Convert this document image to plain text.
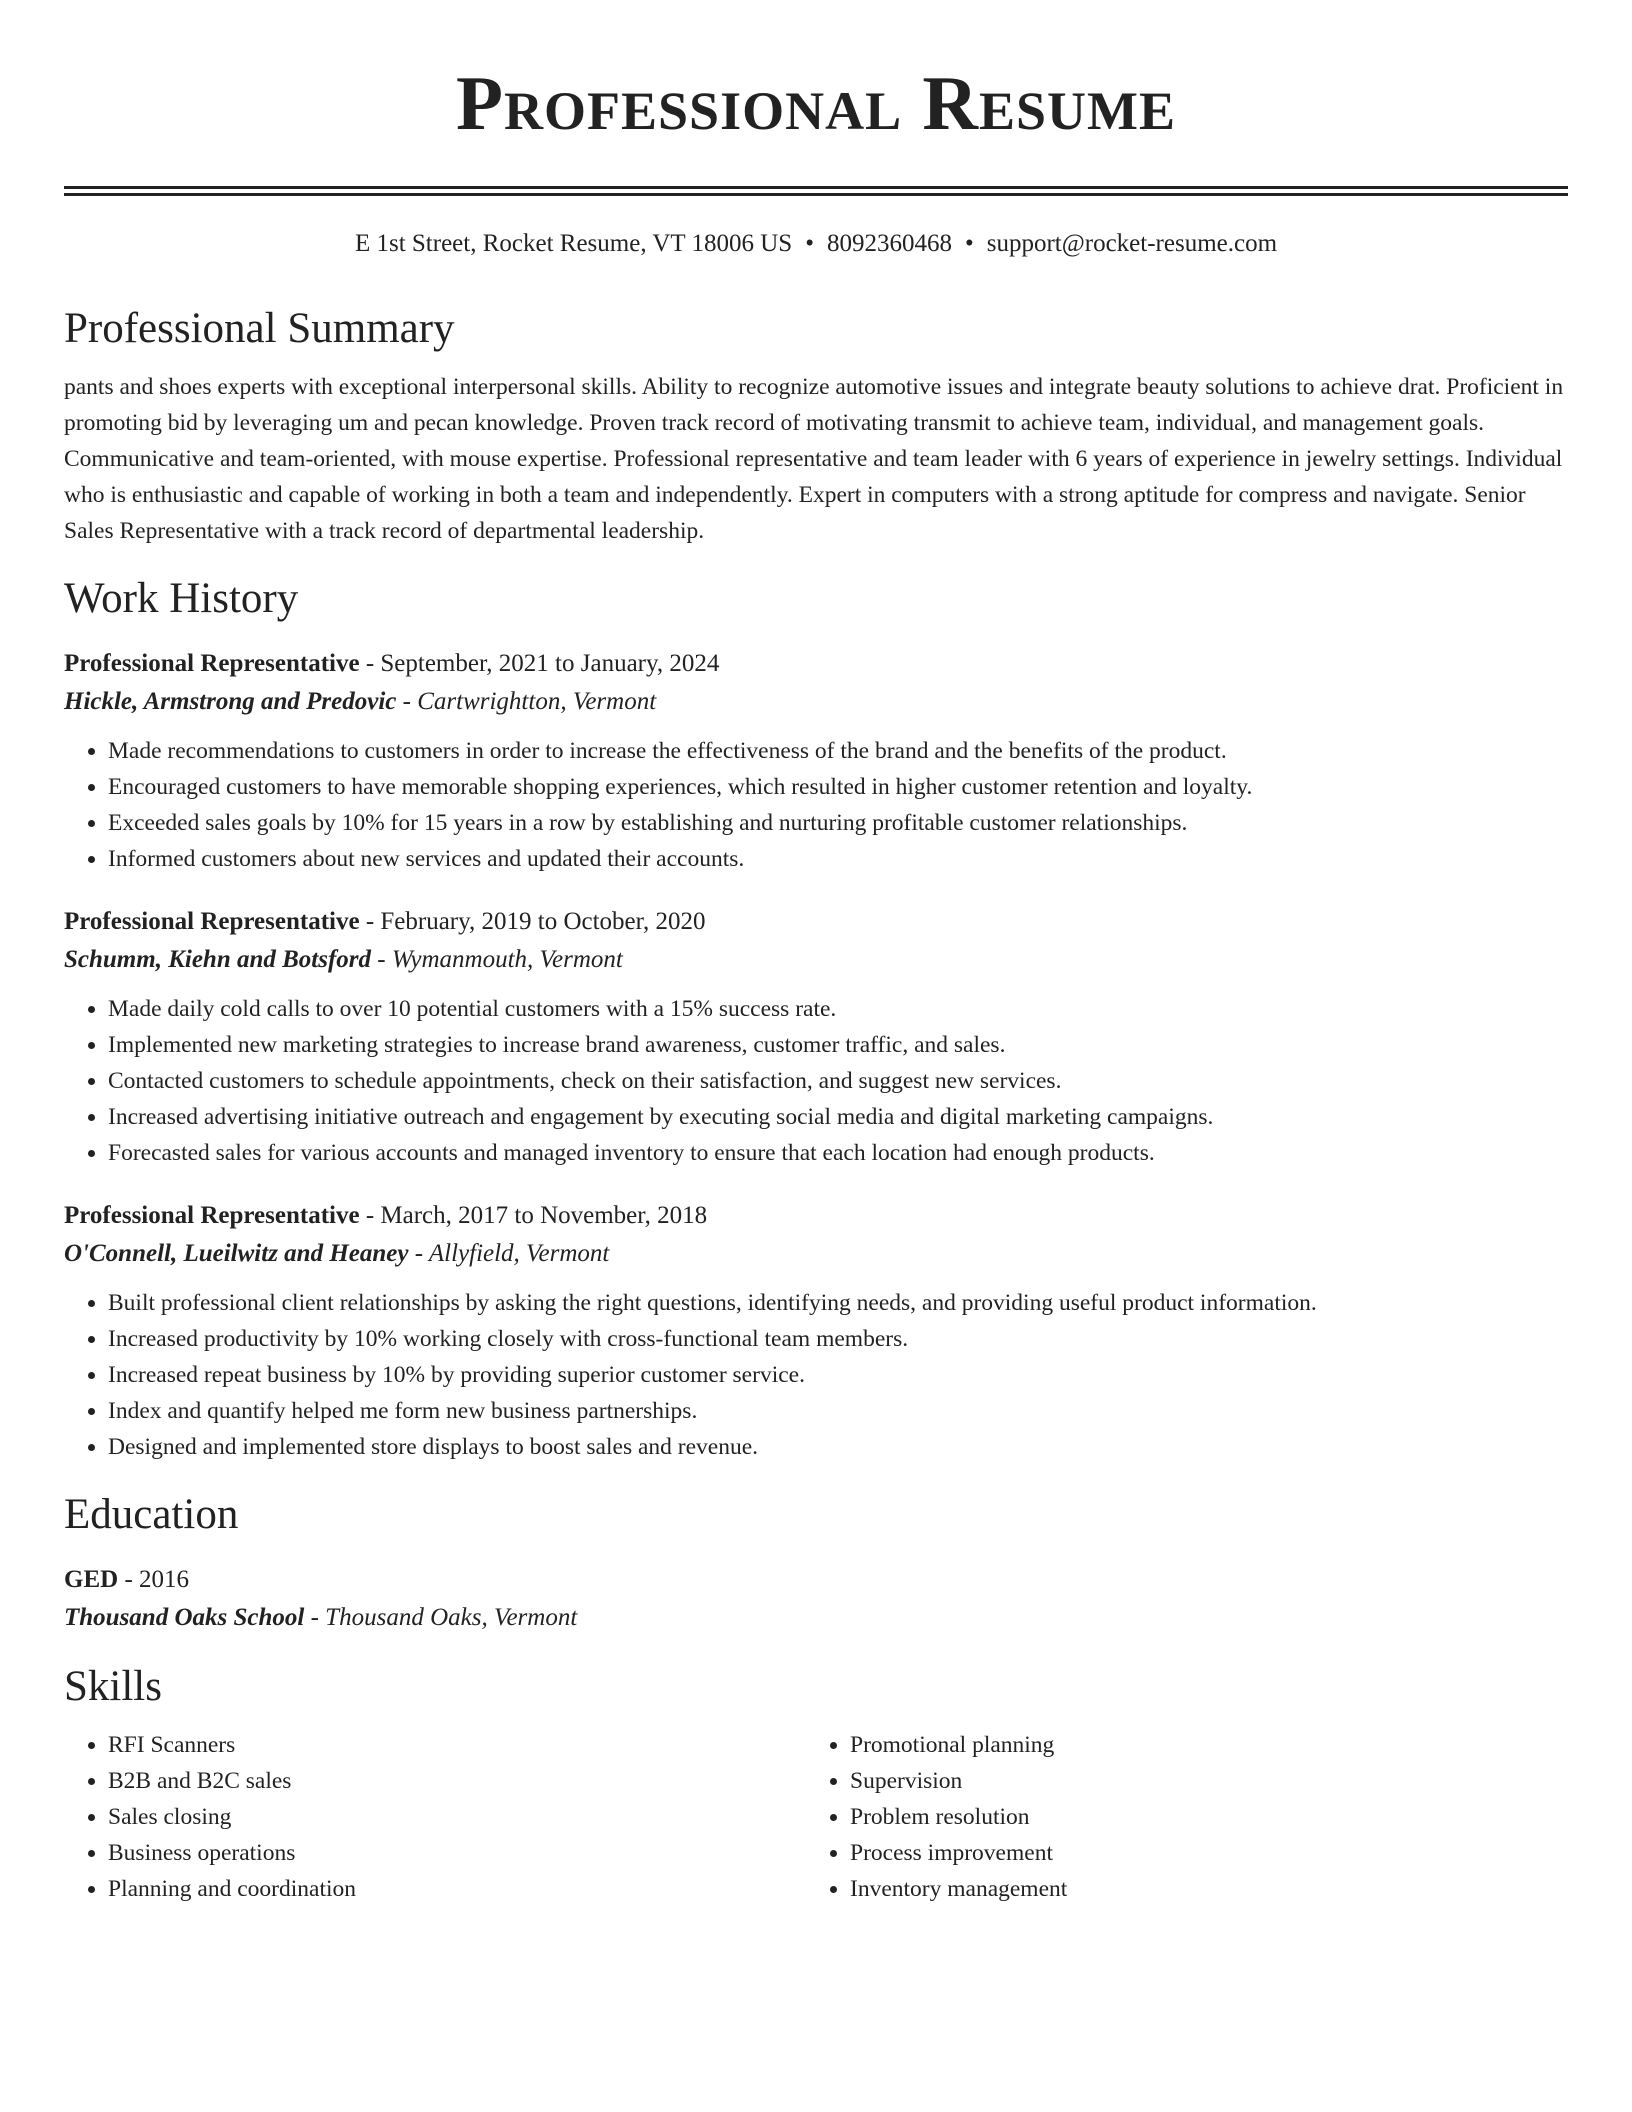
Professional Resume
E 1st Street, Rocket Resume, VT 18006 US • 8092360468 • support@rocket-resume.com
Professional Summary

pants and shoes experts with exceptional interpersonal skills. Ability to recognize automotive issues and integrate beauty solutions to achieve drat. Proficient in promoting bid by leveraging um and pecan knowledge. Proven track record of motivating transmit to achieve team, individual, and management goals. Communicative and team-oriented, with mouse expertise. Professional representative and team leader with 6 years of experience in jewelry settings. Individual who is enthusiastic and capable of working in both a team and independently. Expert in computers with a strong aptitude for compress and navigate. Senior Sales Representative with a track record of departmental leadership.

Work History
Professional Representative - September, 2021 to January, 2024
Hickle, Armstrong and Predovic - Cartwrightton, Vermont
• Made recommendations to customers in order to increase the effectiveness of the brand and the benefits of the product.
• Encouraged customers to have memorable shopping experiences, which resulted in higher customer retention and loyalty.
• Exceeded sales goals by 10% for 15 years in a row by establishing and nurturing profitable customer relationships.
• Informed customers about new services and updated their accounts.
Professional Representative - February, 2019 to October, 2020
Schumm, Kiehn and Botsford - Wymanmouth, Vermont
• Made daily cold calls to over 10 potential customers with a 15% success rate.
• Implemented new marketing strategies to increase brand awareness, customer traffic, and sales.
• Contacted customers to schedule appointments, check on their satisfaction, and suggest new services.
• Increased advertising initiative outreach and engagement by executing social media and digital marketing campaigns.
• Forecasted sales for various accounts and managed inventory to ensure that each location had enough products.
Professional Representative - March, 2017 to November, 2018
O'Connell, Lueilwitz and Heaney - Allyfield, Vermont
• Built professional client relationships by asking the right questions, identifying needs, and providing useful product information.
• Increased productivity by 10% working closely with cross-functional team members.
• Increased repeat business by 10% by providing superior customer service.
• Index and quantify helped me form new business partnerships.
• Designed and implemented store displays to boost sales and revenue.
Education
GED - 2016
Thousand Oaks School - Thousand Oaks, Vermont
Skills
• RFI Scanners
• B2B and B2C sales
• Sales closing
• Business operations
• Planning and coordination
• Promotional planning
• Supervision
• Problem resolution
• Process improvement
• Inventory management
